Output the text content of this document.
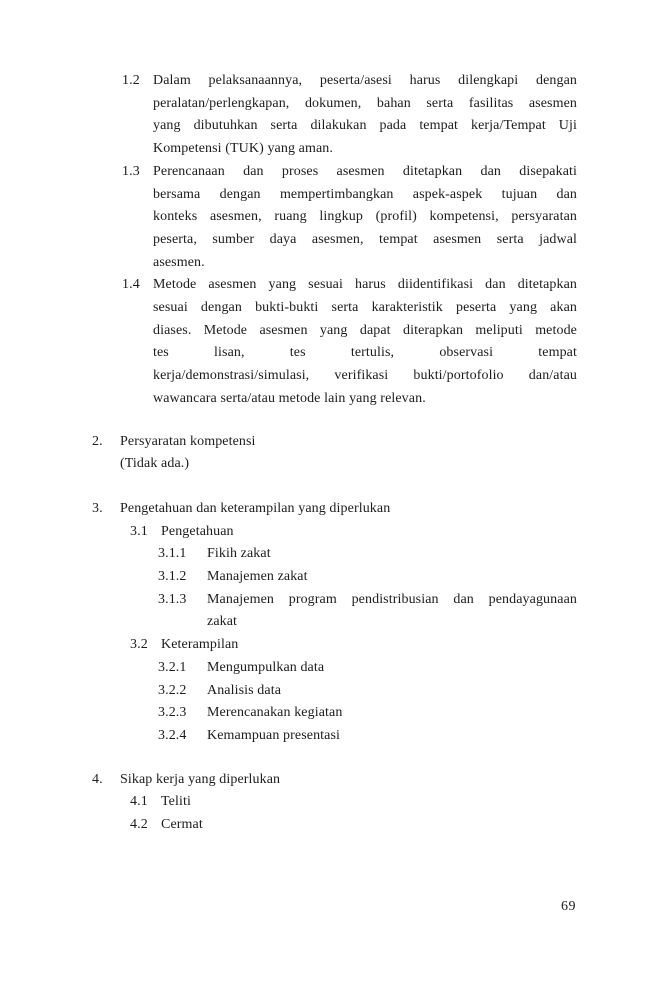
1.2 Dalam pelaksanaannya, peserta/asesi harus dilengkapi dengan
peralatan/perlengkapan, dokumen, bahan serta fasilitas asesmen
yang dibutuhkan serta dilakukan pada tempat kerja/Tempat Uji
Kompetensi (TUK) yang aman.
1.3 Perencanaan dan proses asesmen ditetapkan dan disepakati
bersama dengan mempertimbangkan aspek-aspek tujuan dan
konteks asesmen, ruang lingkup (profil) kompetensi, persyaratan
peserta, sumber daya asesmen, tempat asesmen serta jadwal
asesmen.
1.4 Metode asesmen yang sesuai harus diidentifikasi dan ditetapkan
sesuai dengan bukti-bukti serta karakteristik peserta yang akan
diases. Metode asesmen yang dapat diterapkan meliputi metode
tes lisan, tes tertulis, observasi tempat
kerja/demonstrasi/simulasi, verifikasi bukti/portofolio dan/atau
wawancara serta/atau metode lain yang relevan.
2. Persyaratan kompetensi
(Tidak ada.)
3. Pengetahuan dan keterampilan yang diperlukan
3.1 Pengetahuan
3.1.1 Fikih zakat
3.1.2 Manajemen zakat
3.1.3 Manajemen program pendistribusian dan pendayagunaan
zakat
3.2 Keterampilan
3.2.1 Mengumpulkan data
3.2.2 Analisis data
3.2.3 Merencanakan kegiatan
3.2.4 Kemampuan presentasi
4. Sikap kerja yang diperlukan
4.1 Teliti
4.2 Cermat
69
